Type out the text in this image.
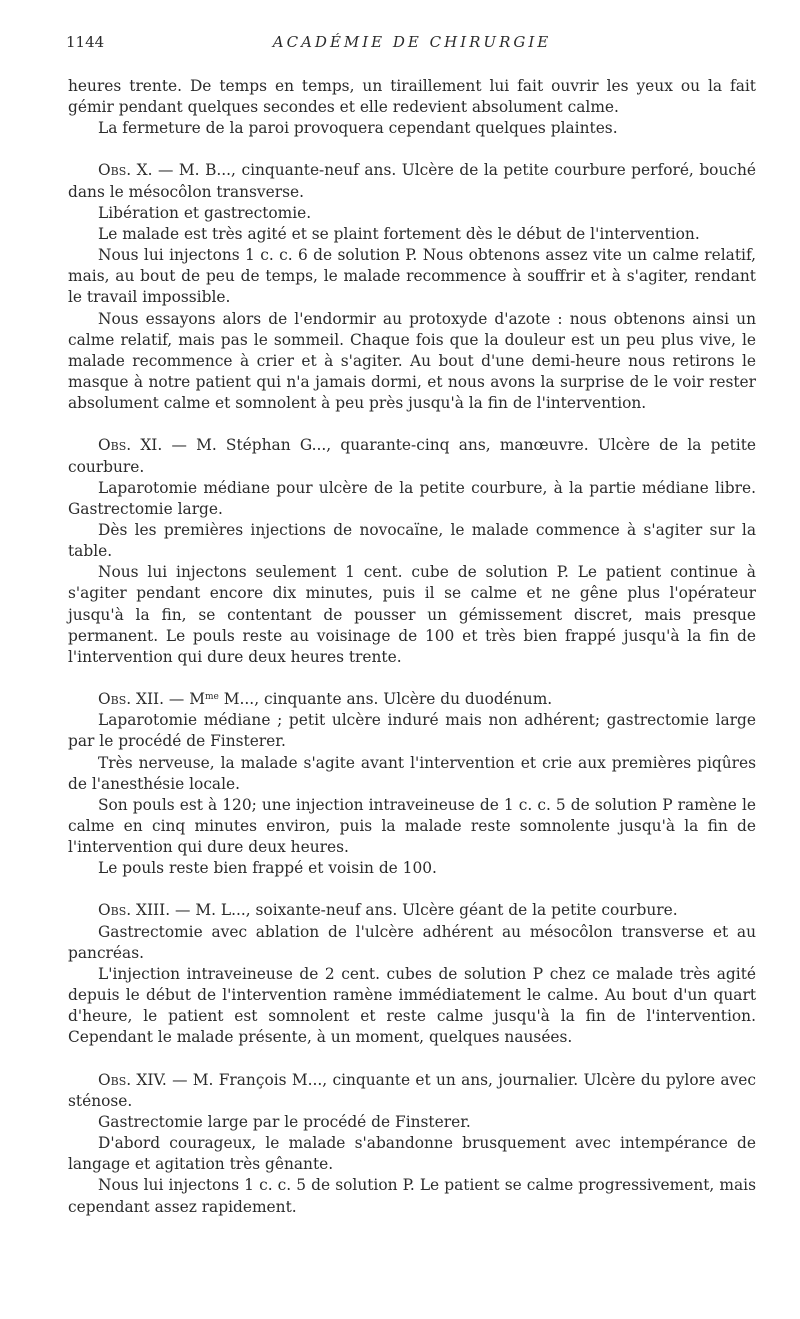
1144	ACADÉMIE DE CHIRURGIE

heures trente. De temps en temps, un tiraillement lui fait ouvrir les yeux ou la fait gémir pendant quelques secondes et elle redevient absolument calme.

La fermeture de la paroi provoquera cependant quelques plaintes.

Obs. X. — M. B..., cinquante-neuf ans. Ulcère de la petite courbure perforé, bouché dans le mésocôlon transverse.

Libération et gastrectomie.

Le malade est très agité et se plaint fortement dès le début de l'intervention.

Nous lui injectons 1 c. c. 6 de solution P. Nous obtenons assez vite un calme relatif, mais, au bout de peu de temps, le malade recommence à souffrir et à s'agiter, rendant le travail impossible.

Nous essayons alors de l'endormir au protoxyde d'azote : nous obtenons ainsi un calme relatif, mais pas le sommeil. Chaque fois que la douleur est un peu plus vive, le malade recommence à crier et à s'agiter. Au bout d'une demi-heure nous retirons le masque à notre patient qui n'a jamais dormi, et nous avons la surprise de le voir rester absolument calme et somnolent à peu près jusqu'à la fin de l'intervention.

Obs. XI. — M. Stéphan G..., quarante-cinq ans, manœuvre. Ulcère de la petite courbure.

Laparotomie médiane pour ulcère de la petite courbure, à la partie médiane libre. Gastrectomie large.

Dès les premières injections de novocaïne, le malade commence à s'agiter sur la table.

Nous lui injectons seulement 1 cent. cube de solution P. Le patient continue à s'agiter pendant encore dix minutes, puis il se calme et ne gêne plus l'opérateur jusqu'à la fin, se contentant de pousser un gémissement discret, mais presque permanent. Le pouls reste au voisinage de 100 et très bien frappé jusqu'à la fin de l'intervention qui dure deux heures trente.

Obs. XII. — $M^{me}$ M..., cinquante ans. Ulcère du duodénum.

Laparotomie médiane ; petit ulcère induré mais non adhérent; gastrectomie large par le procédé de Finsterer.

Très nerveuse, la malade s'agite avant l'intervention et crie aux premières piqûres de l'anesthésie locale.

Son pouls est à 120; une injection intraveineuse de 1 c. c. 5 de solution P ramène le calme en cinq minutes environ, puis la malade reste somnolente jusqu'à la fin de l'intervention qui dure deux heures.

Le pouls reste bien frappé et voisin de 100.

Obs. XIII. — M. L..., soixante-neuf ans. Ulcère géant de la petite courbure.

Gastrectomie avec ablation de l'ulcère adhérent au mésocôlon transverse et au pancréas.

L'injection intraveineuse de 2 cent. cubes de solution P chez ce malade très agité depuis le début de l'intervention ramène immédiatement le calme. Au bout d'un quart d'heure, le patient est somnolent et reste calme jusqu'à la fin de l'intervention. Cependant le malade présente, à un moment, quelques nausées.

Obs. XIV. — M. François M..., cinquante et un ans, journalier. Ulcère du pylore avec sténose.

Gastrectomie large par le procédé de Finsterer.

D'abord courageux, le malade s'abandonne brusquement avec intempérance de langage et agitation très gênante.

Nous lui injectons 1 c. c. 5 de solution P. Le patient se calme progressivement, mais cependant assez rapidement.
